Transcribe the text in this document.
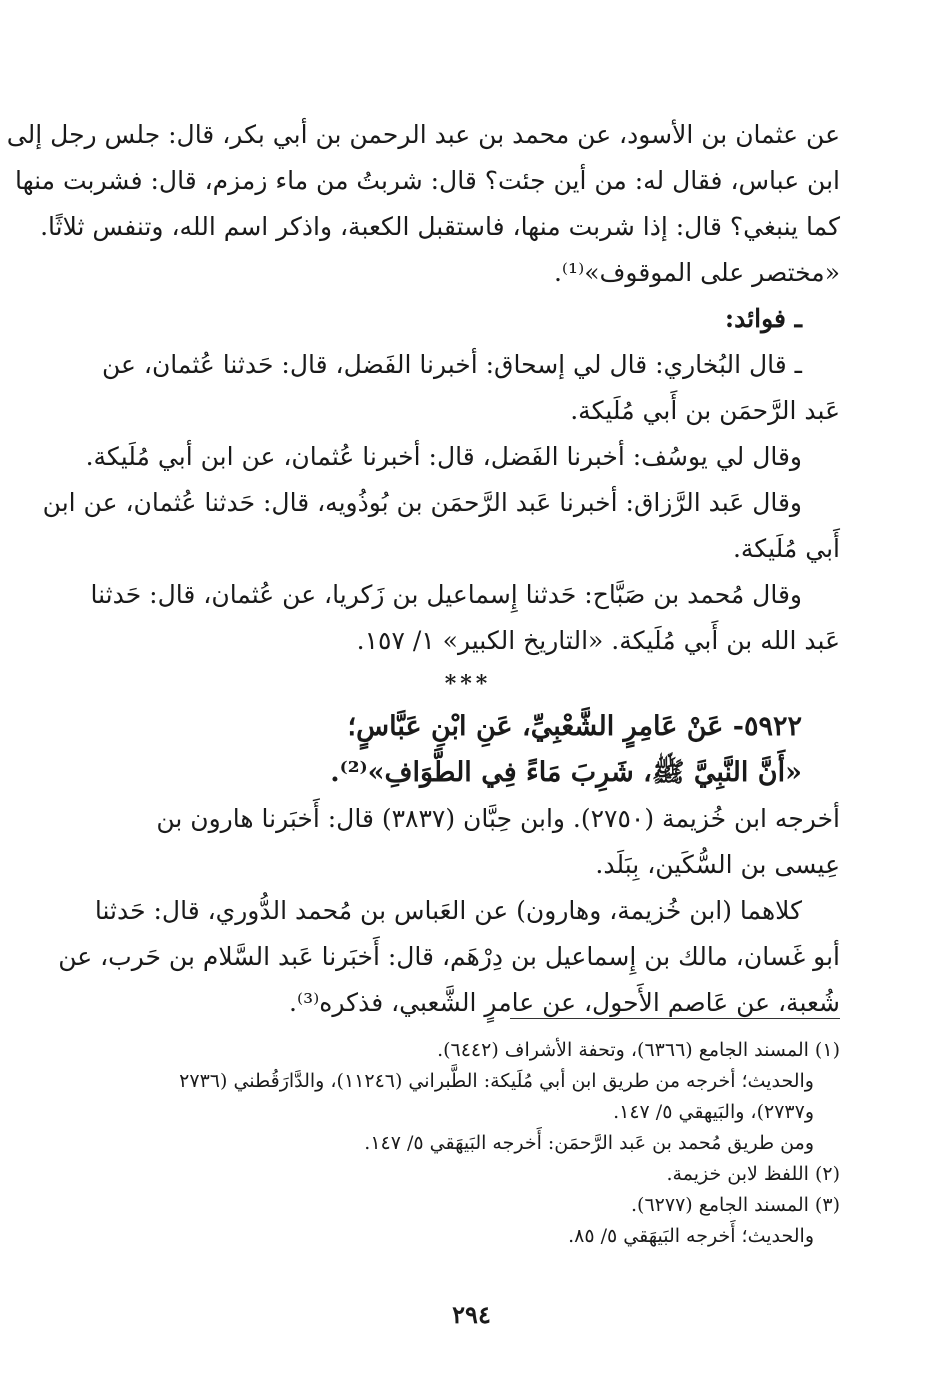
عن عثمان بن الأسود، عن محمد بن عبد الرحمن بن أبي بكر، قال: جلس رجل إلى
ابن عباس، فقال له: من أين جئت؟ قال: شربتُ من ماء زمزم، قال: فشربت منها
كما ينبغي؟ قال: إذا شربت منها، فاستقبل الكعبة، واذكر اسم الله، وتنفس ثلاثًا.
«مختصر على الموقوف»⁽¹⁾.
ـ فوائد:
ـ قال البُخاري: قال لي إسحاق: أخبرنا الفَضل، قال: حَدثنا عُثمان، عن
عَبد الرَّحمَن بن أَبي مُلَيكة.
وقال لي يوسُف: أخبرنا الفَضل، قال: أخبرنا عُثمان، عن ابن أبي مُلَيكة.
وقال عَبد الرَّزاق: أخبرنا عَبد الرَّحمَن بن بُوذُويه، قال: حَدثنا عُثمان، عن ابن
أَبي مُلَيكة.
وقال مُحمد بن صَبَّاح: حَدثنا إِسماعيل بن زَكريا، عن عُثمان، قال: حَدثنا
عَبد الله بن أَبي مُلَيكة. «التاريخ الكبير» ١/ ١٥٧.
***
٥٩٢٢- عَنْ عَامِرٍ الشَّعْبِيِّ، عَنِ ابْنِ عَبَّاسٍ؛
«أَنَّ النَّبِيَّ ﷺ، شَرِبَ مَاءً فِي الطَّوَافِ»⁽²⁾.
أخرجه ابن خُزيمة (٢٧٥٠). وابن حِبَّان (٣٨٣٧) قال: أَخبَرنا هارون بن
عِيسى بن السُّكَين، بِبَلَد.
كلاهما (ابن خُزيمة، وهارون) عن العَباس بن مُحمد الدُّوري، قال: حَدثنا
أبو غَسان، مالك بن إِسماعيل بن دِرْهَم، قال: أَخبَرنا عَبد السَّلام بن حَرب، عن
شُعبة، عن عَاصم الأَحول، عن عامرٍ الشَّعبي، فذكره⁽³⁾.
(١) المسند الجامع (٦٣٦٦)، وتحفة الأشراف (٦٤٤٢).
والحديث؛ أخرجه من طريق ابن أبي مُلَيكة: الطَّبراني (١١٢٤٦)، والدَّارَقُطني (٢٧٣٦
و٢٧٣٧)، والبَيهقي ٥/ ١٤٧.
ومن طريق مُحمد بن عَبد الرَّحمَن: أَخرجه البَيهَقي ٥/ ١٤٧.
(٢) اللفظ لابن خزيمة.
(٣) المسند الجامع (٦٢٧٧).
والحديث؛ أَخرجه البَيهَقي ٥/ ٨٥.
٢٩٤
